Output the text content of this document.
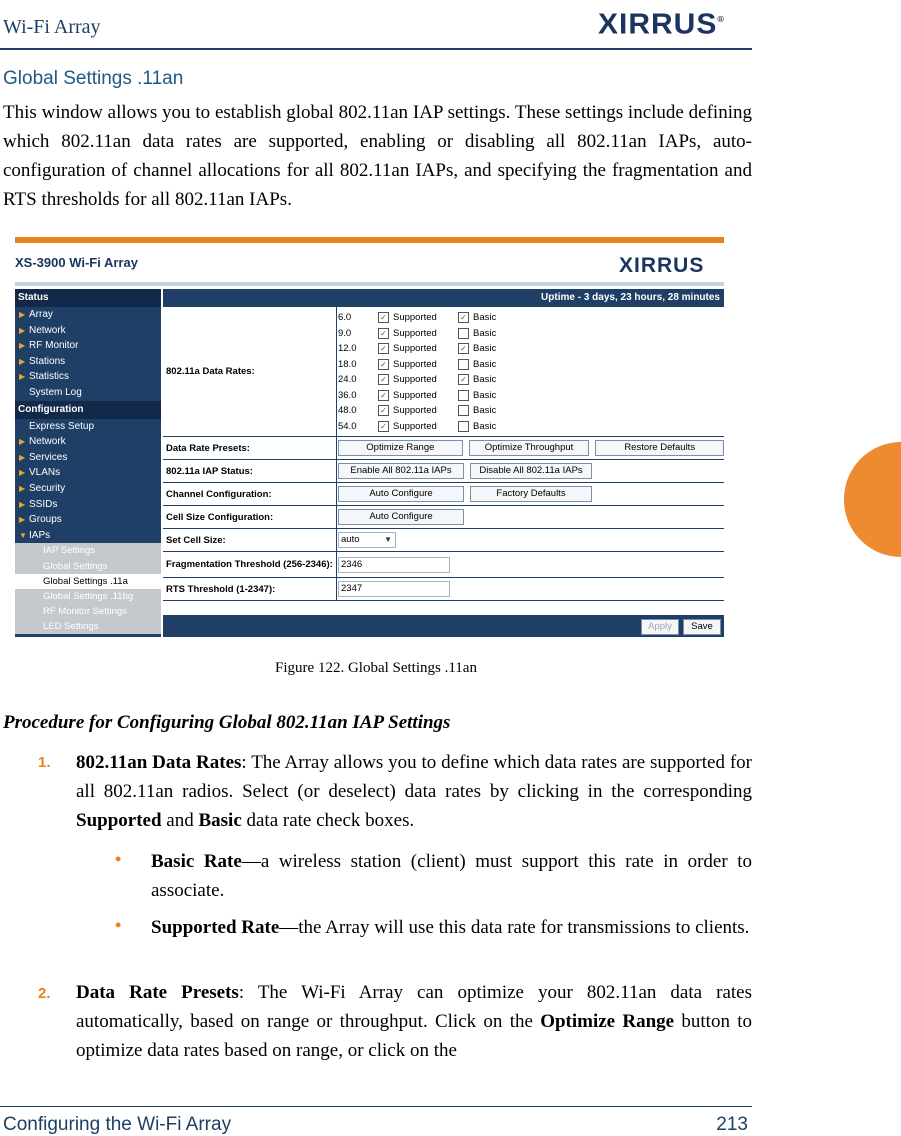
Wi-Fi Array	XIRRUS®
Global Settings .11an
This window allows you to establish global 802.11an IAP settings. These settings include defining which 802.11an data rates are supported, enabling or disabling all 802.11an IAPs, auto-configuration of channel allocations for all 802.11an IAPs, and specifying the fragmentation and RTS thresholds for all 802.11an IAPs.
XS-3900 Wi-Fi Array	XIRRUS
Status
▶ Array
▶ Network
▶ RF Monitor
▶ Stations
▶ Statistics
System Log
Configuration
Express Setup
▶ Network
▶ Services
▶ VLANs
▶ Security
▶ SSIDs
▶ Groups
▼ IAPs
IAP Settings
Global Settings
Global Settings .11a
Global Settings .11bg
RF Monitor Settings
LED Settings
Uptime - 3 days, 23 hours, 28 minutes
802.11a Data Rates:
6.0	✓ Supported	✓ Basic
9.0	✓ Supported	Basic
12.0	✓ Supported	✓ Basic
18.0	✓ Supported	Basic
24.0	✓ Supported	✓ Basic
36.0	✓ Supported	Basic
48.0	✓ Supported	Basic
54.0	✓ Supported	Basic
Data Rate Presets:	Optimize Range	Optimize Throughput	Restore Defaults
802.11a IAP Status:	Enable All 802.11a IAPs	Disable All 802.11a IAPs
Channel Configuration:	Auto Configure	Factory Defaults
Cell Size Configuration:	Auto Configure
Set Cell Size:	auto	▼
Fragmentation Threshold (256-2346): 2346
RTS Threshold (1-2347):	2347
Apply	Save
Figure 122. Global Settings .11an
Procedure for Configuring Global 802.11an IAP Settings
1. 802.11an Data Rates: The Array allows you to define which data rates are supported for all 802.11an radios. Select (or deselect) data rates by clicking in the corresponding Supported and Basic data rate check boxes.
• Basic Rate—a wireless station (client) must support this rate in order to associate.
• Supported Rate—the Array will use this data rate for transmissions to clients.
2. Data Rate Presets: The Wi-Fi Array can optimize your 802.11an data rates automatically, based on range or throughput. Click on the Optimize Range button to optimize data rates based on range, or click on the
Configuring the Wi-Fi Array	213
